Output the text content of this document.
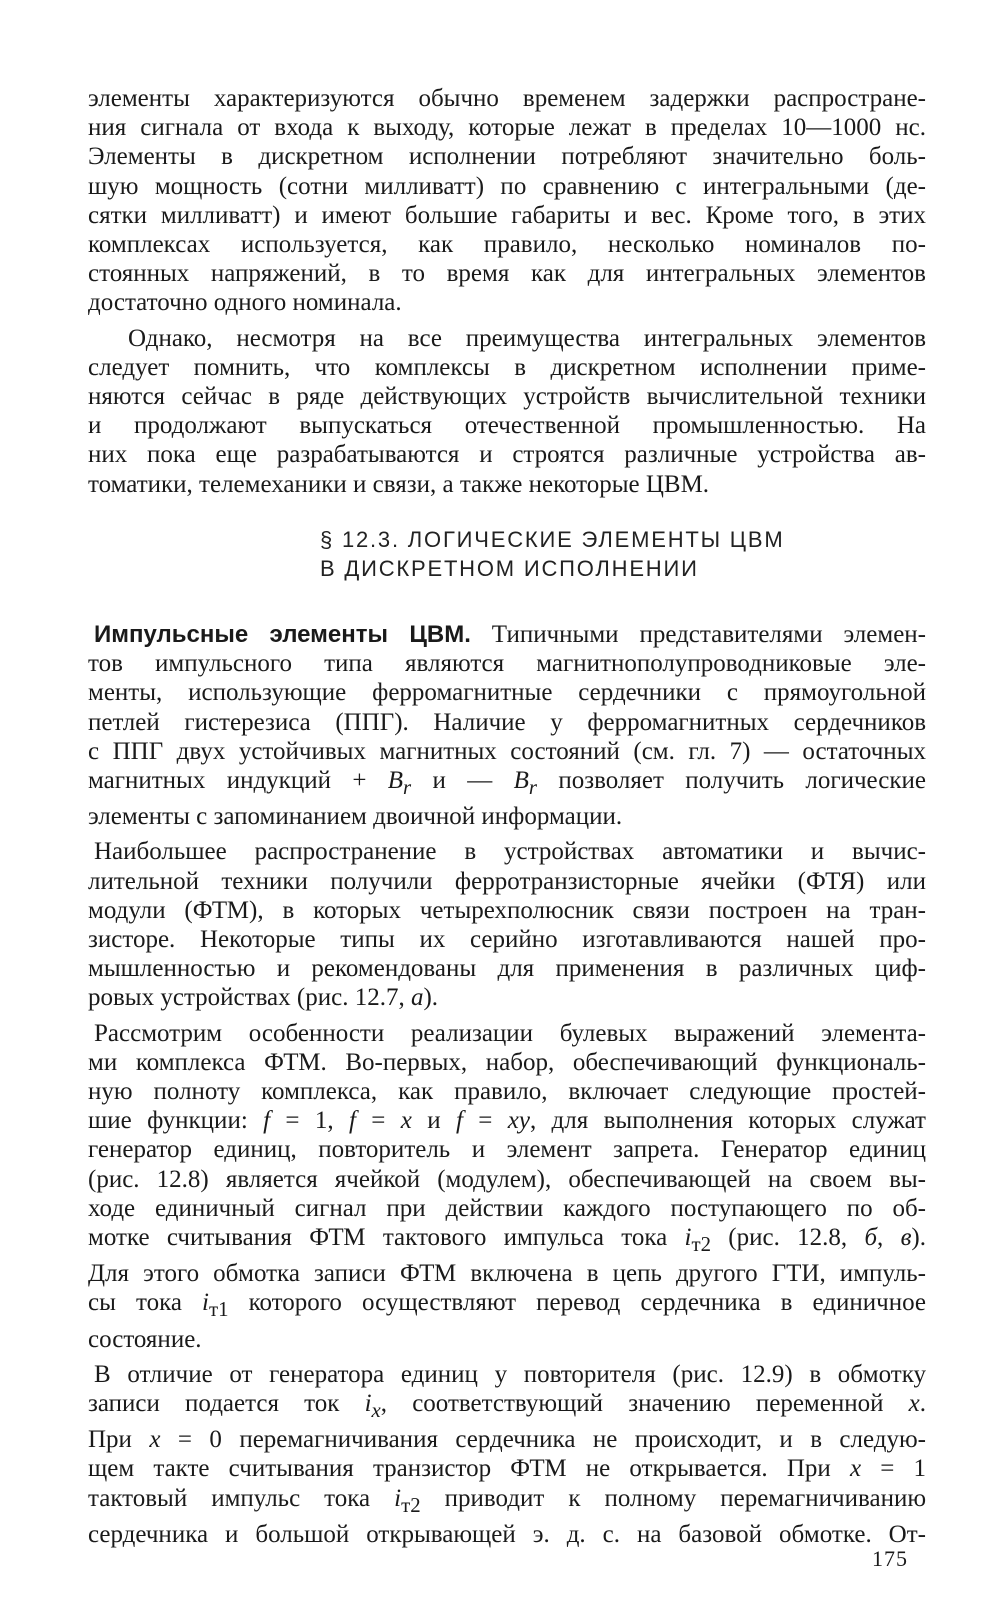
элементы характеризуются обычно временем задержки распростране-
ния сигнала от входа к выходу, которые лежат в пределах 10—1000 нс.
Элементы в дискретном исполнении потребляют значительно боль-
шую мощность (сотни милливатт) по сравнению с интегральными (де-
сятки милливатт) и имеют большие габариты и вес. Кроме того, в этих
комплексах используется, как правило, несколько номиналов по-
стоянных напряжений, в то время как для интегральных элементов
достаточно одного номинала.

Однако, несмотря на все преимущества интегральных элементов
следует помнить, что комплексы в дискретном исполнении приме-
няются сейчас в ряде действующих устройств вычислительной техники
и продолжают выпускаться отечественной промышленностью. На
них пока еще разрабатываются и строятся различные устройства ав-
томатики, телемеханики и связи, а также некоторые ЦВМ.

§ 12.3. ЛОГИЧЕСКИЕ ЭЛЕМЕНТЫ ЦВМ
В ДИСКРЕТНОМ ИСПОЛНЕНИИ

Импульсные элементы ЦВМ. Типичными представителями элемен-
тов импульсного типа являются магнитнополупроводниковые эле-
менты, использующие ферромагнитные сердечники с прямоугольной
петлей гистерезиса (ППГ). Наличие у ферромагнитных сердечников
с ППГ двух устойчивых магнитных состояний (см. гл. 7) — остаточных
магнитных индукций + $B_r$ и — $B_r$ позволяет получить логические
элементы с запоминанием двоичной информации.

Наибольшее распространение в устройствах автоматики и вычис-
лительной техники получили ферротранзисторные ячейки (ФТЯ) или
модули (ФТМ), в которых четырехполюсник связи построен на тран-
зисторе. Некоторые типы их серийно изготавливаются нашей про-
мышленностью и рекомендованы для применения в различных циф-
ровых устройствах (рис. 12.7, а).

Рассмотрим особенности реализации булевых выражений элемента-
ми комплекса ФТМ. Во-первых, набор, обеспечивающий функциональ-
ную полноту комплекса, как правило, включает следующие простей-
шие функции: f = 1, f = x и f = xy, для выполнения которых служат
генератор единиц, повторитель и элемент запрета. Генератор единиц
(рис. 12.8) является ячейкой (модулем), обеспечивающей на своем вы-
ходе единичный сигнал при действии каждого поступающего по об-
мотке считывания ФТМ тактового импульса тока $i_{т2}$ (рис. 12.8, б, в).
Для этого обмотка записи ФТМ включена в цепь другого ГТИ, импуль-
сы тока $i_{т1}$ которого осуществляют перевод сердечника в единичное
состояние.

В отличие от генератора единиц у повторителя (рис. 12.9) в обмотку
записи подается ток $i_x$, соответствующий значению переменной x.
При x = 0 перемагничивания сердечника не происходит, и в следую-
щем такте считывания транзистор ФТМ не открывается. При x = 1
тактовый импульс тока $i_{т2}$ приводит к полному перемагничиванию
сердечника и большой открывающей э. д. с. на базовой обмотке. От-

175
